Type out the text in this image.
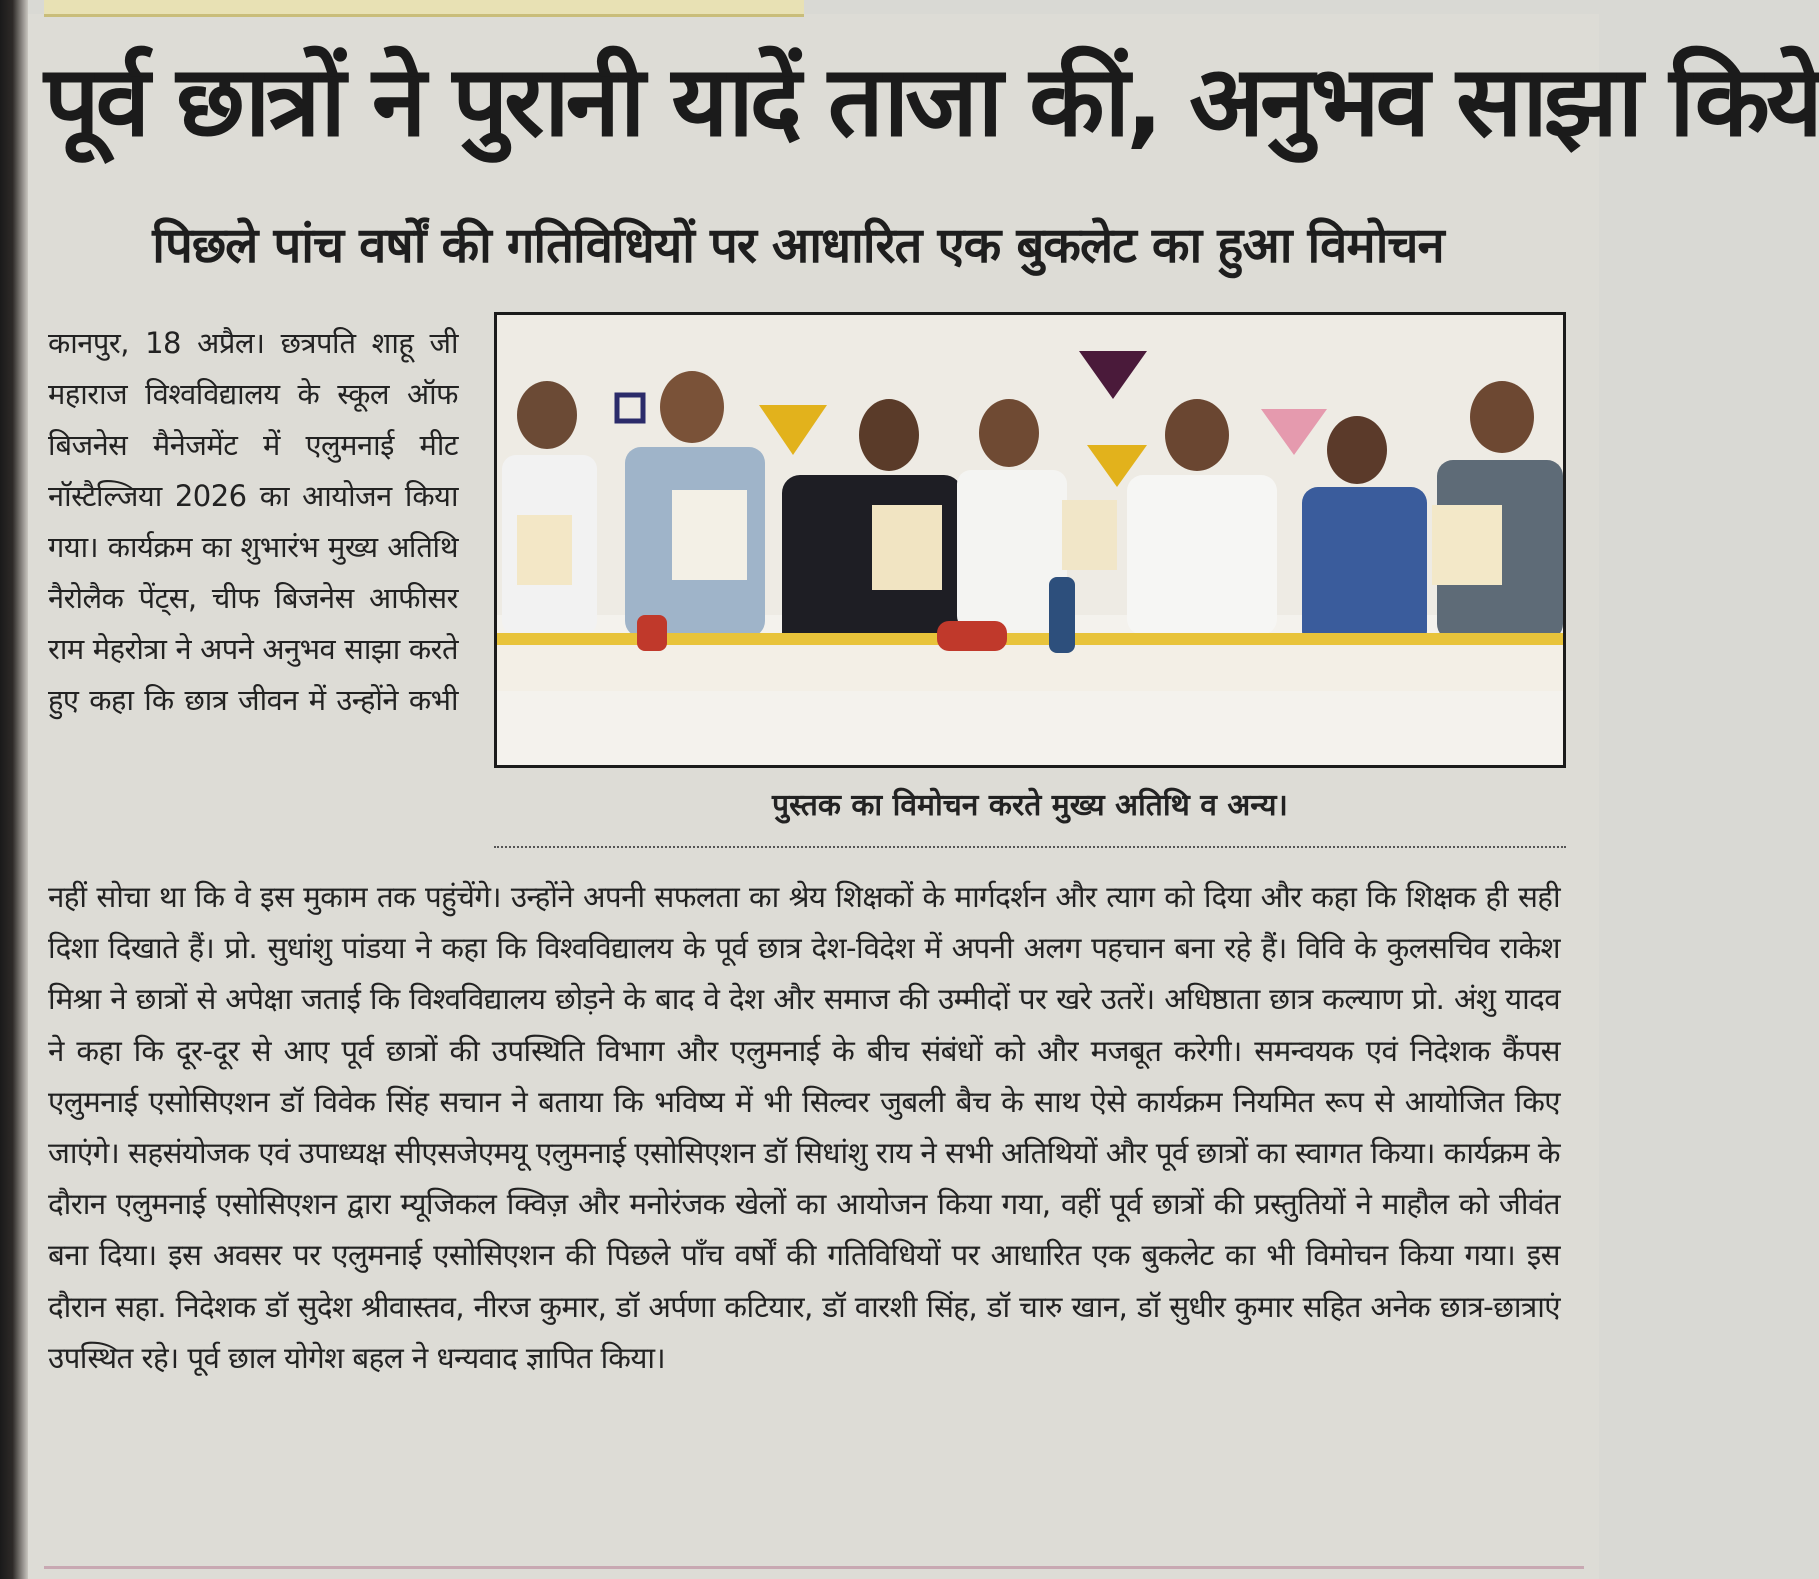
पूर्व छात्रों ने पुरानी यादें ताजा कीं, अनुभव साझा किये
पिछले पांच वर्षों की गतिविधियों पर आधारित एक बुकलेट का हुआ विमोचन

कानपुर, 18 अप्रैल। छत्रपति शाहू जी महाराज विश्वविद्यालय के स्कूल ऑफ बिजनेस मैनेजमेंट में एलुमनाई मीट नॉस्टैल्जिया 2026 का आयोजन किया गया। कार्यक्रम का शुभारंभ मुख्य अतिथि नैरोलैक पेंट्स, चीफ बिजनेस आफीसर राम मेहरोत्रा ने अपने अनुभव साझा करते हुए कहा कि छात्र जीवन में उन्होंने कभी

पुस्तक का विमोचन करते मुख्य अतिथि व अन्य।

नहीं सोचा था कि वे इस मुकाम तक पहुंचेंगे। उन्होंने अपनी सफलता का श्रेय शिक्षकों के मार्गदर्शन और त्याग को दिया और कहा कि शिक्षक ही सही दिशा दिखाते हैं। प्रो. सुधांशु पांडया ने कहा कि विश्वविद्यालय के पूर्व छात्र देश-विदेश में अपनी अलग पहचान बना रहे हैं। विवि के कुलसचिव राकेश मिश्रा ने छात्रों से अपेक्षा जताई कि विश्वविद्यालय छोड़ने के बाद वे देश और समाज की उम्मीदों पर खरे उतरें। अधिष्ठाता छात्र कल्याण प्रो. अंशु यादव ने कहा कि दूर-दूर से आए पूर्व छात्रों की उपस्थिति विभाग और एलुमनाई के बीच संबंधों को और मजबूत करेगी। समन्वयक एवं निदेशक कैंपस एलुमनाई एसोसिएशन डॉ विवेक सिंह सचान ने बताया कि भविष्य में भी सिल्वर जुबली बैच के साथ ऐसे कार्यक्रम नियमित रूप से आयोजित किए जाएंगे। सहसंयोजक एवं उपाध्यक्ष सीएसजेएमयू एलुमनाई एसोसिएशन डॉ सिधांशु राय ने सभी अतिथियों और पूर्व छात्रों का स्वागत किया। कार्यक्रम के दौरान एलुमनाई एसोसिएशन द्वारा म्यूजिकल क्विज़ और मनोरंजक खेलों का आयोजन किया गया, वहीं पूर्व छात्रों की प्रस्तुतियों ने माहौल को जीवंत बना दिया। इस अवसर पर एलुमनाई एसोसिएशन की पिछले पाँच वर्षों की गतिविधियों पर आधारित एक बुकलेट का भी विमोचन किया गया। इस दौरान सहा. निदेशक डॉ सुदेश श्रीवास्तव, नीरज कुमार, डॉ अर्पणा कटियार, डॉ वारशी सिंह, डॉ चारु खान, डॉ सुधीर कुमार सहित अनेक छात्र-छात्राएं उपस्थित रहे। पूर्व छाल योगेश बहल ने धन्यवाद ज्ञापित किया।
